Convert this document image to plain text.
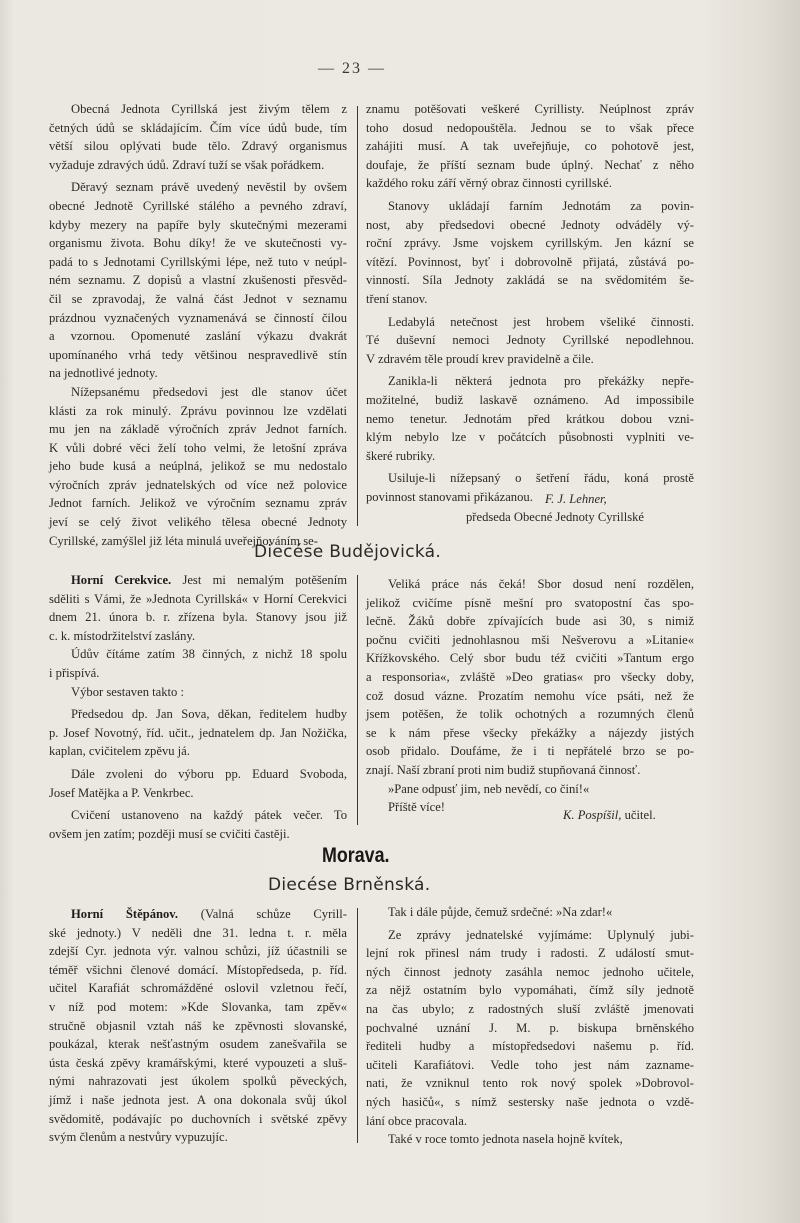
— 23 —
Obecná Jednota Cyrillská jest živým tělem z
četných údů se skládajícím. Čím více údů bude, tím
větší silou oplývati bude tělo. Zdravý organismus
vyžaduje zdravých údů. Zdraví tuží se však pořádkem.
Děravý seznam právě uvedený nevěstil by ovšem
obecné Jednotě Cyrillské stálého a pevného zdraví,
kdyby mezery na papíře byly skutečnými mezerami
organismu života. Bohu díky! že ve skutečnosti vy-
padá to s Jednotami Cyrillskými lépe, než tuto v neúpl-
ném seznamu. Z dopisů a vlastní zkušenosti přesvěd-
čil se zpravodaj, že valná část Jednot v seznamu
prázdnou vyznačených vyznamenává se činností čilou
a vzornou. Opomenuté zaslání výkazu dvakrát
upomínaného vrhá tedy většinou nespravedlivě stín
na jednotlivé jednoty.
Nížepsanému předsedovi jest dle stanov účet
klásti za rok minulý. Zprávu povinnou lze vzdělati
mu jen na základě výročních zpráv Jednot farních.
K vůli dobré věci želí toho velmi, že letošní zpráva
jeho bude kusá a neúplná, jelikož se mu nedostalo
výročních zpráv jednatelských od více než polovice
Jednot farních. Jelikož ve výročním seznamu zpráv
jeví se celý život velikého tělesa obecné Jednoty
Cyrillské, zamýšlel již léta minulá uveřejňováním se-
znamu potěšovati veškeré Cyrillisty. Neúplnost zpráv
toho dosud nedopouštěla. Jednou se to však přece
zahájiti musí. A tak uveřejňuje, co pohotově jest,
doufaje, že příští seznam bude úplný. Nechať z něho
každého roku září věrný obraz činnosti cyrillské.
Stanovy ukládají farním Jednotám za povin-
nost, aby předsedovi obecné Jednoty odváděly vý-
roční zprávy. Jsme vojskem cyrillským. Jen kázní se
vítězí. Povinnost, byť i dobrovolně přijatá, zůstává po-
vinností. Síla Jednoty zakládá se na svědomitém še-
tření stanov.
Ledabylá netečnost jest hrobem všeliké činnosti.
Té duševní nemoci Jednoty Cyrillské nepodlehnou.
V zdravém těle proudí krev pravidelně a čile.
Zanikla-li některá jednota pro překážky nepře-
možitelné, budiž laskavě oznámeno. Ad impossibile
nemo tenetur. Jednotám před krátkou dobou vzni-
klým nebylo lze v počátcích působnosti vyplniti ve-
škeré rubriky.
Usiluje-li nížepsaný o šetření řádu, koná prostě
povinnost stanovami přikázanou. F. J. Lehner,
předseda Obecné Jednoty Cyrillské
Diecése Budějovická.
Horní Cerekvice. Jest mi nemalým potěšením
sděliti s Vámi, že »Jednota Cyrillská« v Horní Cerekvici
dnem 21. února b. r. zřízena byla. Stanovy jsou již
c. k. místodržitelství zaslány.
Údův čítáme zatím 38 činných, z nichž 18 spolu
i přispívá.
Výbor sestaven takto :
Předsedou dp. Jan Sova, děkan, ředitelem hudby
p. Josef Novotný, říd. učit., jednatelem dp. Jan Nožička,
kaplan, cvičitelem zpěvu já.
Dále zvoleni do výboru pp. Eduard Svoboda,
Josef Matějka a P. Venkrbec.
Cvičení ustanoveno na každý pátek večer. To
ovšem jen zatím; později musí se cvičiti častěji.
Veliká práce nás čeká! Sbor dosud není rozdělen,
jelikož cvičíme písně mešní pro svatopostní čas spo-
lečně. Žáků dobře zpívajících bude asi 30, s nimiž
počnu cvičiti jednohlasnou mši Nešverovu a »Litanie«
Křížkovského. Celý sbor budu též cvičiti »Tantum ergo
a responsoria«, zvláště »Deo gratias« pro všecky doby,
což dosud vázne. Prozatím nemohu více psáti, než že
jsem potěšen, že tolik ochotných a rozumných členů
se k nám přese všecky překážky a nájezdy jistých
osob přidalo. Doufáme, že i ti nepřátelé brzo se po-
znají. Naší zbraní proti nim budiž stupňovaná činnosť.
»Pane odpusť jim, neb nevědí, co činí!«
Příště více!
K. Pospíšil, učitel.
Morava.
Diecése Brněnská.
Horní Štěpánov. (Valná schůze Cyrill-
ské jednoty.) V neděli dne 31. ledna t. r. měla
zdejší Cyr. jednota výr. valnou schůzi, jíž účastnili se
téměř všichni členové domácí. Místopředseda, p. říd.
učitel Karafiát schromážděné oslovil vzletnou řečí,
v níž pod motem: »Kde Slovanka, tam zpěv«
stručně objasnil vztah náš ke zpěvnosti slovanské,
poukázal, kterak nešťastným osudem zanešvařila se
ústa česká zpěvy kramářskými, které vypouzeti a sluš-
nými nahrazovati jest úkolem spolků pěveckých,
jímž i naše jednota jest. A ona dokonala svůj úkol
svědomitě, podávajíc po duchovních i světské zpěvy
svým členům a nestvůry vypuzujíc.
Tak i dále půjde, čemuž srdečné: »Na zdar!«
Ze zprávy jednatelské vyjímáme: Uplynulý jubi-
lejní rok přinesl nám trudy i radosti. Z událostí smut-
ných činnost jednoty zasáhla nemoc jednoho učitele,
za nějž ostatním bylo vypomáhati, čímž síly jednotě
na čas ubylo; z radostných sluší zvláště jmenovati
pochvalné uznání J. M. p. biskupa brněnského
řediteli hudby a místopředsedovi našemu p. říd.
učiteli Karafiátovi. Vedle toho jest nám zazname-
nati, že vzniknul tento rok nový spolek »Dobrovol-
ných hasičů«, s nímž sestersky naše jednota o vzdě-
lání obce pracovala.
Také v roce tomto jednota nasela hojně kvítek,
